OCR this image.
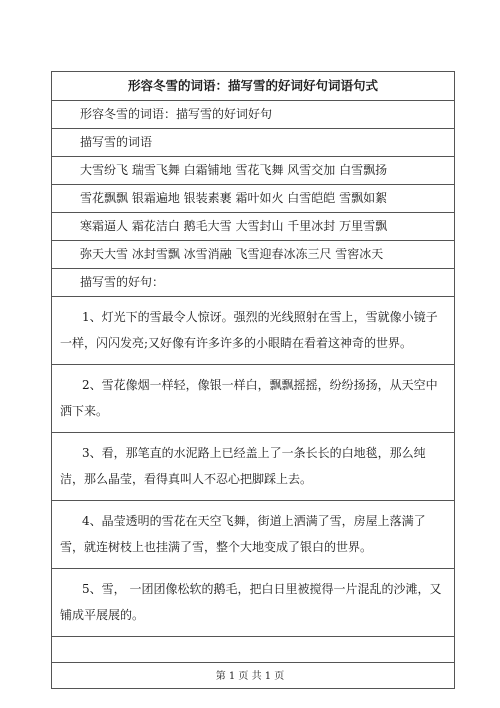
形容冬雪的词语：描写雪的好词好句词语句式
形容冬雪的词语：描写雪的好词好句
描写雪的词语
大雪纷飞 瑞雪飞舞 白霜铺地 雪花飞舞 风雪交加 白雪飘扬
雪花飘飘 银霜遍地 银装素裹 霜叶如火 白雪皑皑 雪飘如絮
寒霜逼人 霜花洁白 鹅毛大雪 大雪封山 千里冰封 万里雪飘
弥天大雪 冰封雪飘 冰雪消融 飞雪迎春冰冻三尺 雪窖冰天
描写雪的好句：
1、灯光下的雪最令人惊讶。强烈的光线照射在雪上，雪就像小镜子一样，闪闪发亮;又好像有许多许多的小眼睛在看着这神奇的世界。
2、雪花像烟一样轻，像银一样白，飘飘摇摇，纷纷扬扬，从天空中洒下来。
3、看，那笔直的水泥路上已经盖上了一条长长的白地毯，那么纯洁，那么晶莹，看得真叫人不忍心把脚踩上去。
4、晶莹透明的雪花在天空飞舞，街道上洒满了雪，房屋上落满了雪，就连树枝上也挂满了雪，整个大地变成了银白的世界。
5、雪， 一团团像松软的鹅毛，把白日里被搅得一片混乱的沙滩，又铺成平展展的。
第 1 页 共 1 页
